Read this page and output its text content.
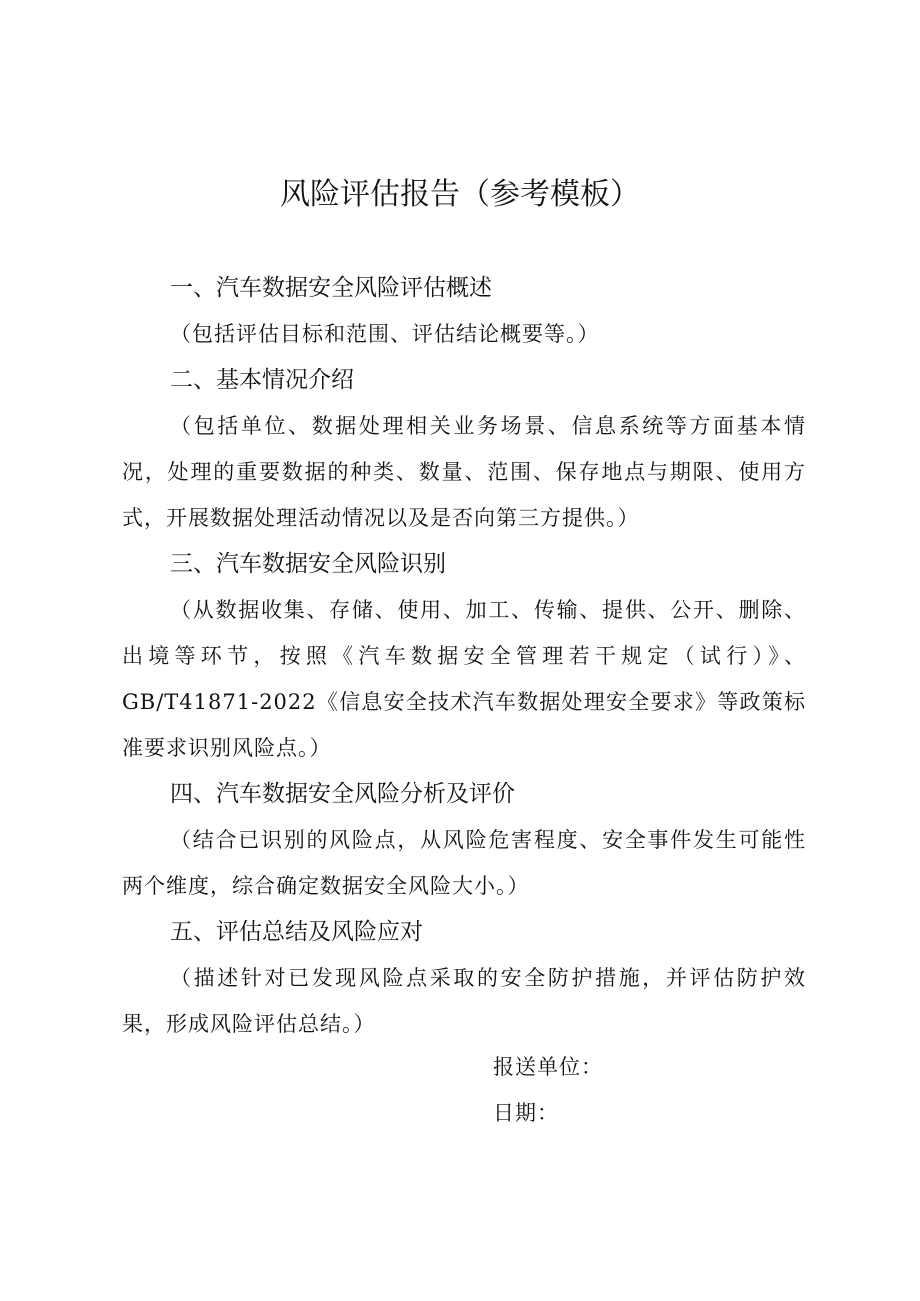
风险评估报告（参考模板）

一、汽车数据安全风险评估概述

（包括评估目标和范围、评估结论概要等。）

二、基本情况介绍

（包括单位、数据处理相关业务场景、信息系统等方面基本情况，处理的重要数据的种类、数量、范围、保存地点与期限、使用方式，开展数据处理活动情况以及是否向第三方提供。）

三、汽车数据安全风险识别

（从数据收集、存储、使用、加工、传输、提供、公开、删除、出境等环节，按照《汽车数据安全管理若干规定（试行）》、GB/T41871-2022《信息安全技术汽车数据处理安全要求》等政策标准要求识别风险点。）

四、汽车数据安全风险分析及评价

（结合已识别的风险点，从风险危害程度、安全事件发生可能性两个维度，综合确定数据安全风险大小。）

五、评估总结及风险应对

（描述针对已发现风险点采取的安全防护措施，并评估防护效果，形成风险评估总结。）

报送单位：
日期：
